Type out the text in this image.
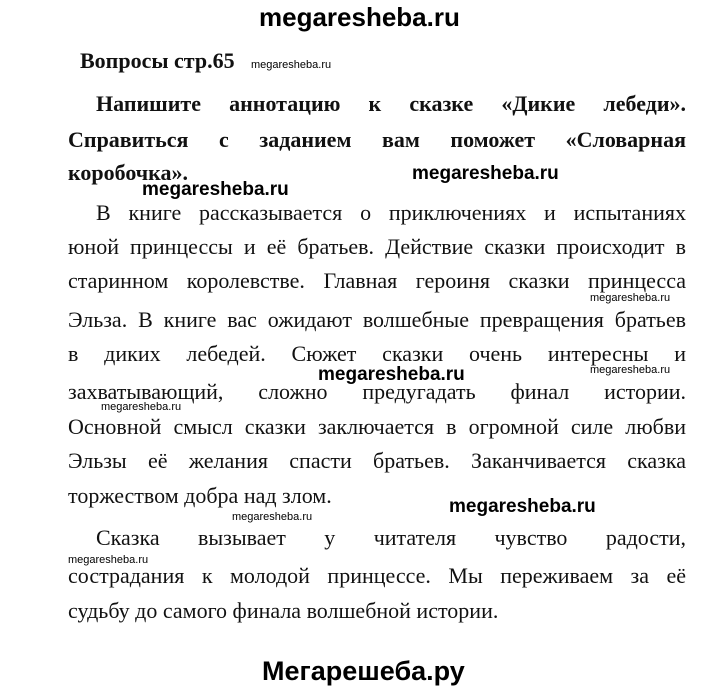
megaresheba.ru
Вопросы стр.65 megaresheba.ru
Напишите аннотацию к сказке «Дикие лебеди».
Справиться с заданием вам поможет «Словарная
коробочка».
megaresheba.ru
megaresheba.ru
В книге рассказывается о приключениях и испытаниях
юной принцессы и её братьев. Действие сказки происходит в
старинном королевстве. Главная героиня сказки принцесса
megaresheba.ru
Эльза. В книге вас ожидают волшебные превращения братьев
в диких лебедей. Сюжет сказки очень интересны и
megaresheba.ru	megaresheba.ru
захватывающий, сложно предугадать финал истории.
megaresheba.ru
Основной смысл сказки заключается в огромной силе любви
Эльзы её желания спасти братьев. Заканчивается сказка
торжеством добра над злом.	megaresheba.ru
megaresheba.ru
Сказка вызывает у читателя чувство радости,
megaresheba.ru
сострадания к молодой принцессе. Мы переживаем за её
судьбу до самого финала волшебной истории.
Мегарешеба.ру
